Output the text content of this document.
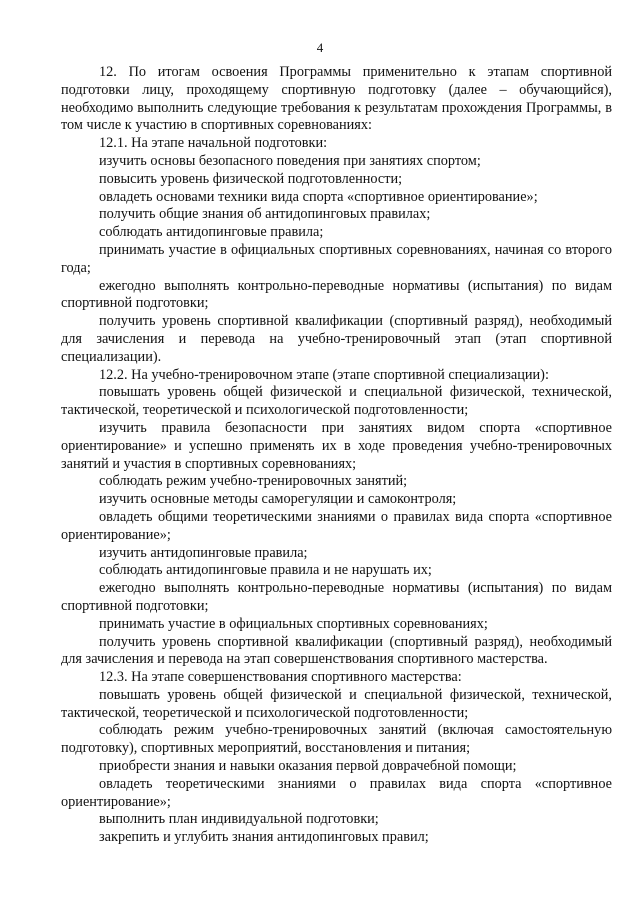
4

12. По итогам освоения Программы применительно к этапам спортивной подготовки лицу, проходящему спортивную подготовку (далее – обучающийся), необходимо выполнить следующие требования к результатам прохождения Программы, в том числе к участию в спортивных соревнованиях:

12.1. На этапе начальной подготовки:

изучить основы безопасного поведения при занятиях спортом;

повысить уровень физической подготовленности;

овладеть основами техники вида спорта «спортивное ориентирование»;

получить общие знания об антидопинговых правилах;

соблюдать антидопинговые правила;

принимать участие в официальных спортивных соревнованиях, начиная со второго года;

ежегодно выполнять контрольно-переводные нормативы (испытания) по видам спортивной подготовки;

получить уровень спортивной квалификации (спортивный разряд), необходимый для зачисления и перевода на учебно-тренировочный этап (этап спортивной специализации).

12.2. На учебно-тренировочном этапе (этапе спортивной специализации):

повышать уровень общей физической и специальной физической, технической, тактической, теоретической и психологической подготовленности;

изучить правила безопасности при занятиях видом спорта «спортивное ориентирование» и успешно применять их в ходе проведения учебно-тренировочных занятий и участия в спортивных соревнованиях;

соблюдать режим учебно-тренировочных занятий;

изучить основные методы саморегуляции и самоконтроля;

овладеть общими теоретическими знаниями о правилах вида спорта «спортивное ориентирование»;

изучить антидопинговые правила;

соблюдать антидопинговые правила и не нарушать их;

ежегодно выполнять контрольно-переводные нормативы (испытания) по видам спортивной подготовки;

принимать участие в официальных спортивных соревнованиях;

получить уровень спортивной квалификации (спортивный разряд), необходимый для зачисления и перевода на этап совершенствования спортивного мастерства.

12.3. На этапе совершенствования спортивного мастерства:

повышать уровень общей физической и специальной физической, технической, тактической, теоретической и психологической подготовленности;

соблюдать режим учебно-тренировочных занятий (включая самостоятельную подготовку), спортивных мероприятий, восстановления и питания;

приобрести знания и навыки оказания первой доврачебной помощи;

овладеть теоретическими знаниями о правилах вида спорта «спортивное ориентирование»;

выполнить план индивидуальной подготовки;

закрепить и углубить знания антидопинговых правил;
